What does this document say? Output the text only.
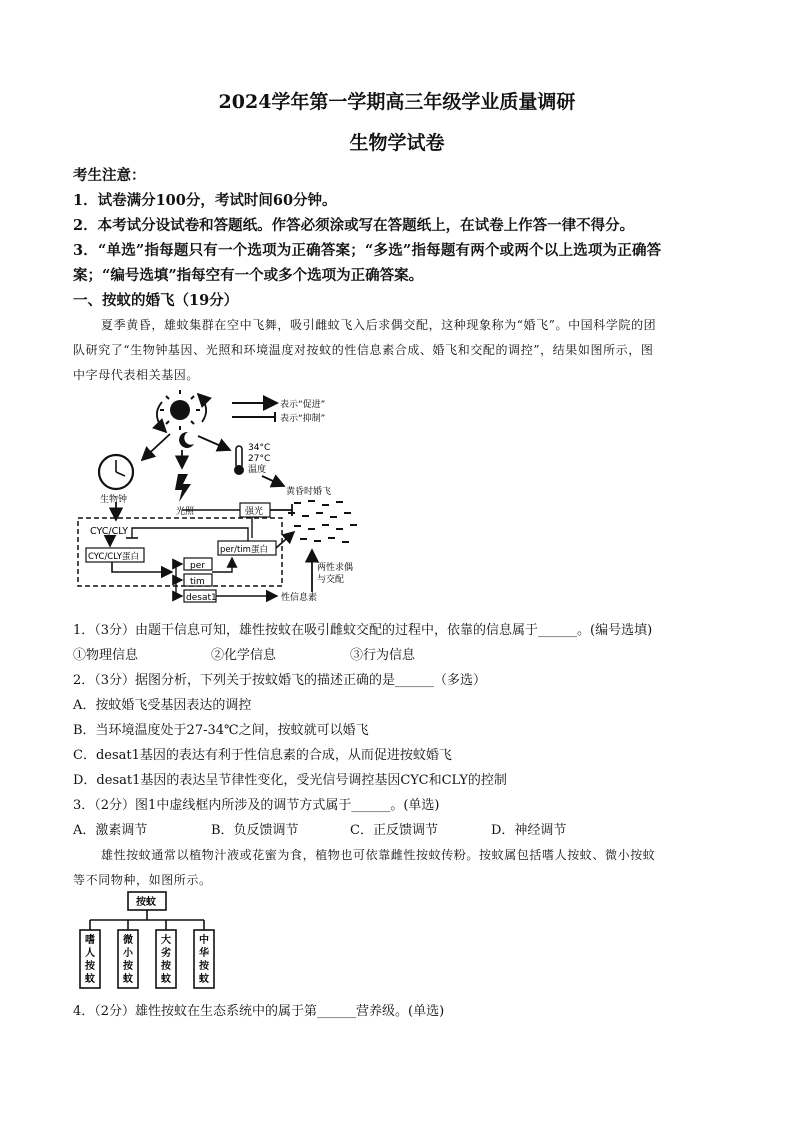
2024学年第一学期高三年级学业质量调研
生物学试卷
考生注意：
1．试卷满分100分，考试时间60分钟。
2．本考试分设试卷和答题纸。作答必须涂或写在答题纸上，在试卷上作答一律不得分。
3．“单选”指每题只有一个选项为正确答案；“多选”指每题有两个或两个以上选项为正确答
案；“编号选填”指每空有一个或多个选项为正确答案。
一、按蚊的婚飞（19分）
夏季黄昏，雄蚊集群在空中飞舞，吸引雌蚊飞入后求偶交配，这种现象称为“婚飞”。中国科学院的团
队研究了“生物钟基因、光照和环境温度对按蚊的性信息素合成、婚飞和交配的调控”，结果如图所示，图
中字母代表相关基因。
表示“促进”
表示“抑制”
生物钟
光照
34°C
27°C
温度
黄昏时婚飞
强光
CYC/CLY
CYC/CLY蛋白
per
tim
desat1
per/tim蛋白
性信息素
两性求偶
与交配
1．（3分）由题干信息可知，雄性按蚊在吸引雌蚊交配的过程中，依靠的信息属于______。(编号选填)
①物理信息	②化学信息	③行为信息
2．（3分）据图分析，下列关于按蚊婚飞的描述正确的是______（多选）
A．按蚊婚飞受基因表达的调控
B．当环境温度处于27-34℃之间，按蚊就可以婚飞
C．desat1基因的表达有利于性信息素的合成，从而促进按蚊婚飞
D．desat1基因的表达呈节律性变化，受光信号调控基因CYC和CLY的控制
3．（2分）图1中虚线框内所涉及的调节方式属于______。(单选)
A．激素调节	B．负反馈调节	C．正反馈调节	D．神经调节
雄性按蚊通常以植物汁液或花蜜为食，植物也可依靠雌性按蚊传粉。按蚊属包括嗜人按蚊、微小按蚊
等不同物种，如图所示。
按蚊
嗜人按蚊
微小按蚊
大劣按蚊
中华按蚊
4．（2分）雄性按蚊在生态系统中的属于第______营养级。(单选)
